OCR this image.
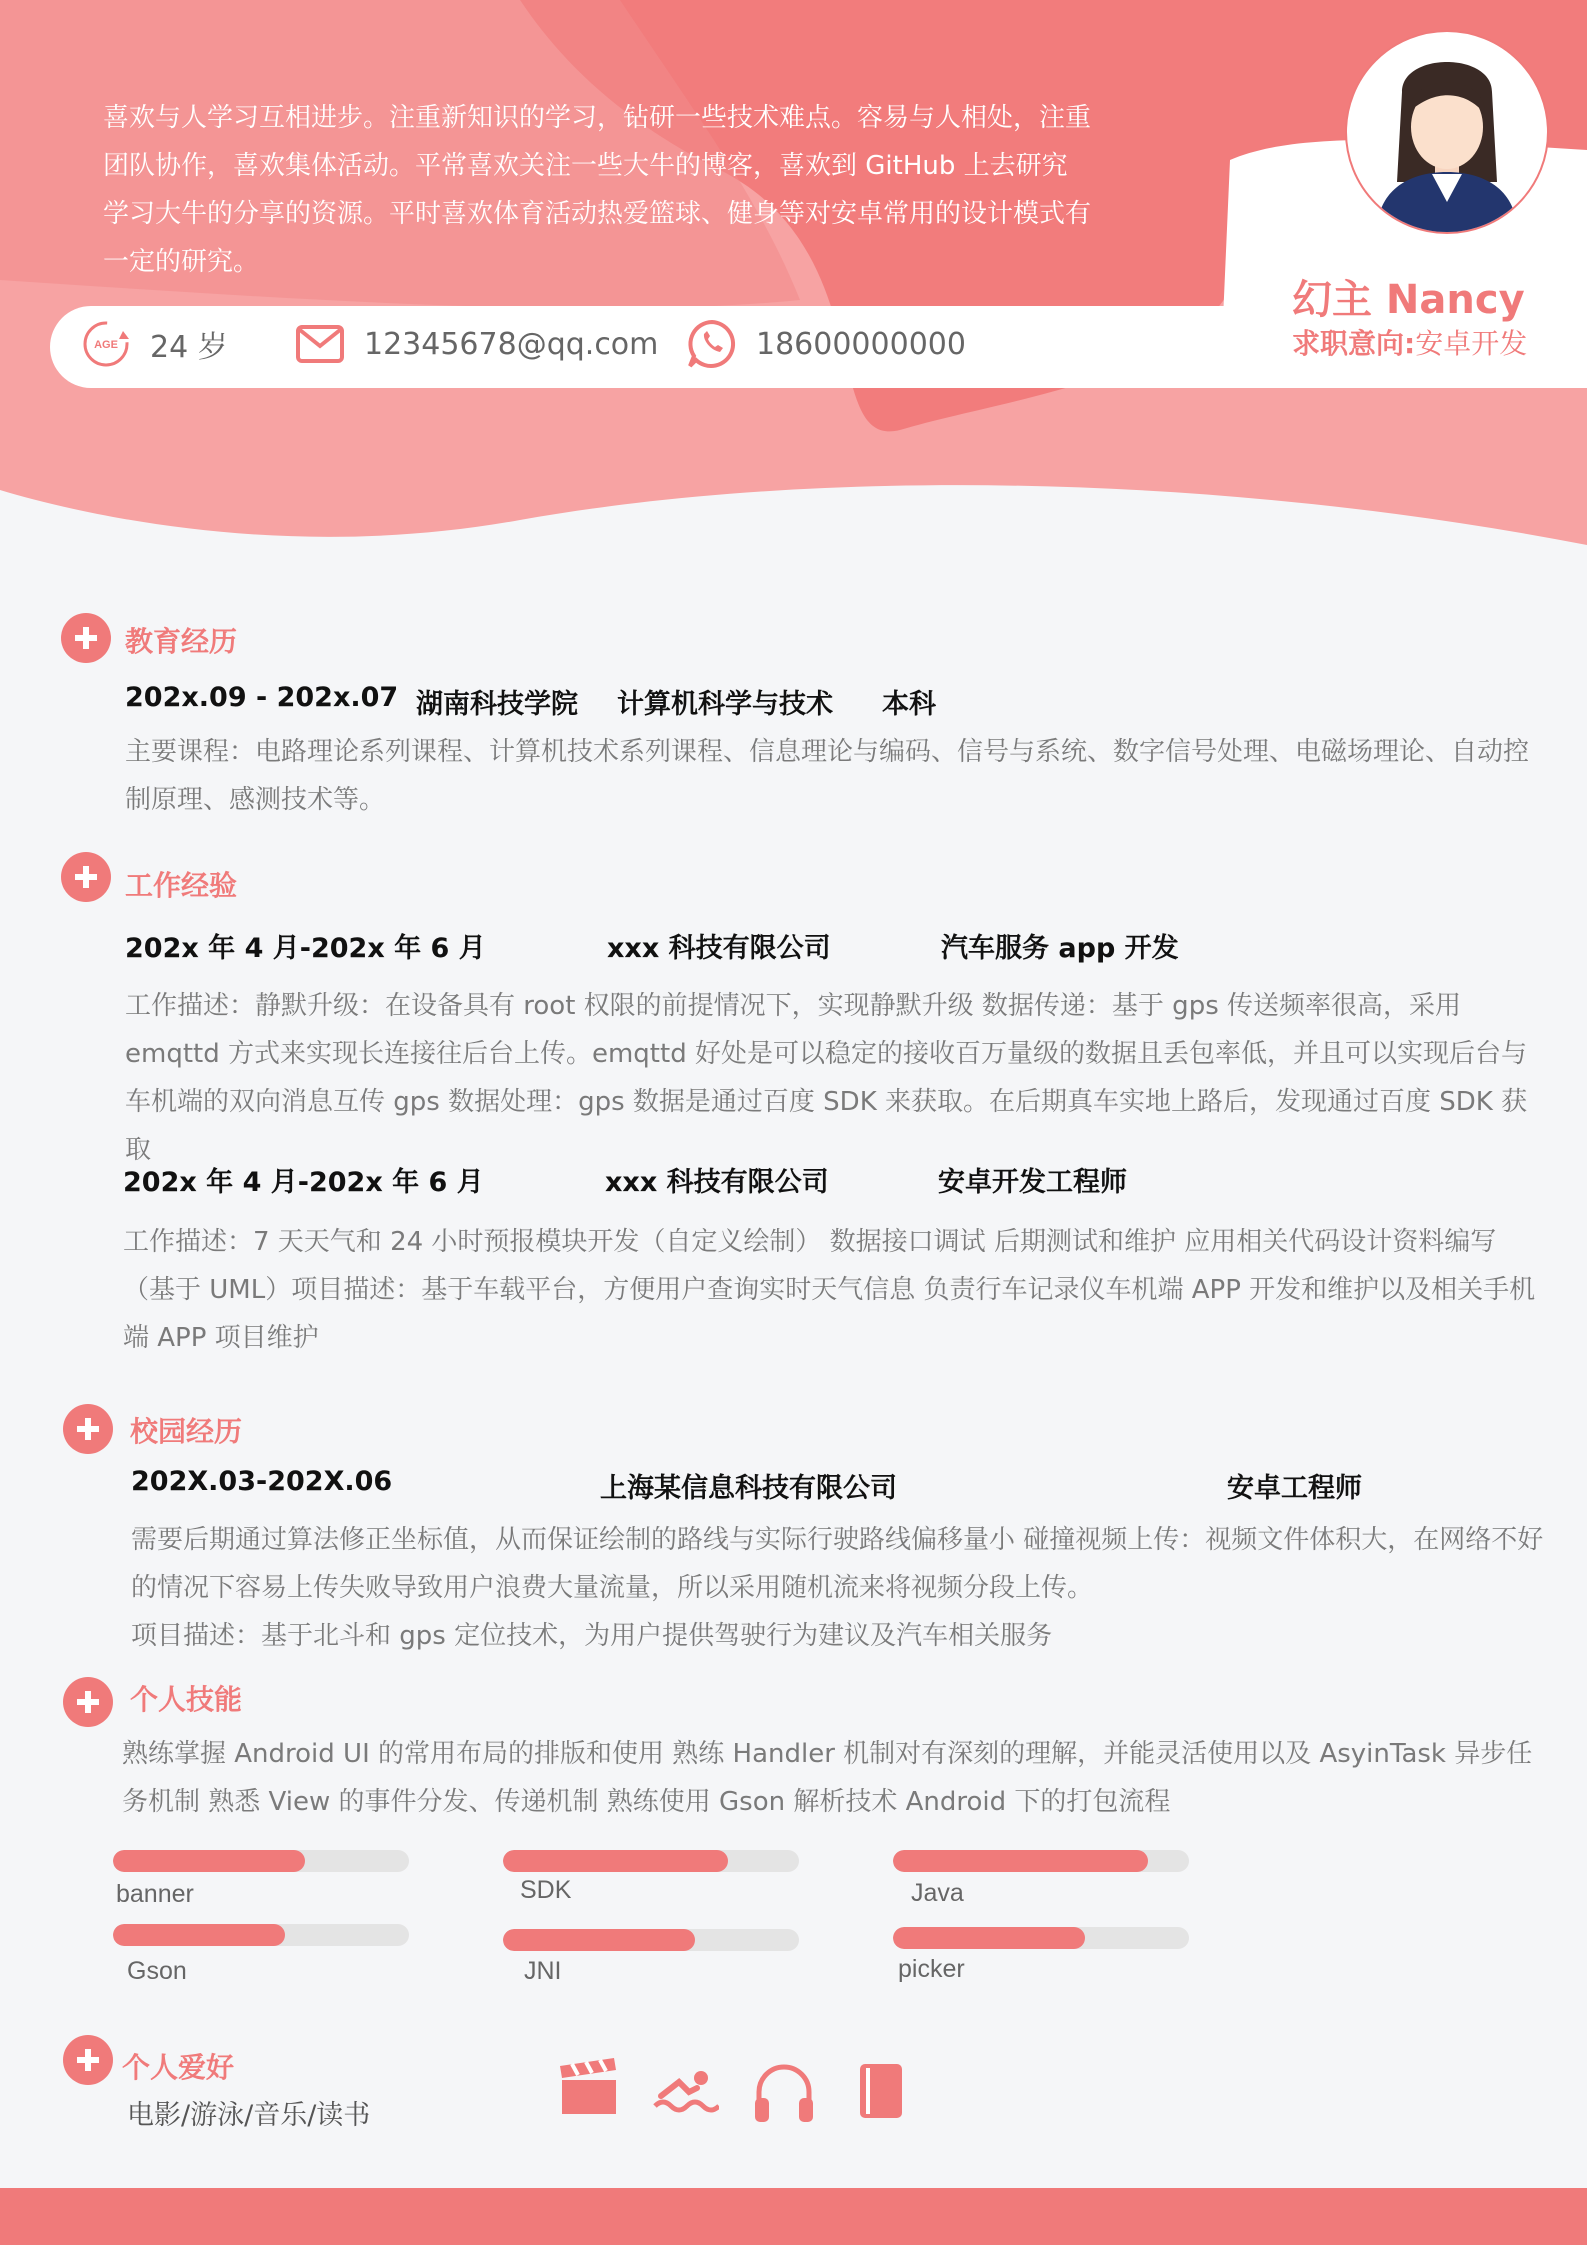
喜欢与人学习互相进步。注重新知识的学习，钻研一些技术难点。容易与人相处，注重团队协作，喜欢集体活动。平常喜欢关注一些大牛的博客，喜欢到 GitHub 上去研究学习大牛的分享的资源。平时喜欢体育活动热爱篮球、健身等对安卓常用的设计模式有一定的研究。
AGE 24 岁	12345678@qq.com	18600000000
幻主 Nancy
求职意向:安卓开发
教育经历
202x.09 - 202x.07 湖南科技学院 计算机科学与技术 本科
主要课程：电路理论系列课程、计算机技术系列课程、信息理论与编码、信号与系统、数字信号处理、电磁场理论、自动控制原理、感测技术等。
工作经验
202x 年 4 月-202x 年 6 月	xxx 科技有限公司	汽车服务 app 开发
工作描述：静默升级：在设备具有 root 权限的前提情况下，实现静默升级 数据传递：基于 gps 传送频率很高，采用 emqttd 方式来实现长连接往后台上传。emqttd 好处是可以稳定的接收百万量级的数据且丢包率低，并且可以实现后台与车机端的双向消息互传 gps 数据处理：gps 数据是通过百度 SDK 来获取。在后期真车实地上路后，发现通过百度 SDK 获取
202x 年 4 月-202x 年 6 月	xxx 科技有限公司	安卓开发工程师
工作描述：7 天天气和 24 小时预报模块开发（自定义绘制） 数据接口调试 后期测试和维护 应用相关代码设计资料编写（基于 UML）项目描述：基于车载平台，方便用户查询实时天气信息 负责行车记录仪车机端 APP 开发和维护以及相关手机端 APP 项目维护
校园经历
202X.03-202X.06	上海某信息科技有限公司	安卓工程师
需要后期通过算法修正坐标值，从而保证绘制的路线与实际行驶路线偏移量小 碰撞视频上传：视频文件体积大，在网络不好的情况下容易上传失败导致用户浪费大量流量，所以采用随机流来将视频分段上传。
项目描述：基于北斗和 gps 定位技术，为用户提供驾驶行为建议及汽车相关服务
个人技能
熟练掌握 Android UI 的常用布局的排版和使用 熟练 Handler 机制对有深刻的理解，并能灵活使用以及 AsyinTask 异步任务机制 熟悉 View 的事件分发、传递机制 熟练使用 Gson 解析技术 Android 下的打包流程
banner	SDK	Java
Gson	JNI	picker
个人爱好
电影/游泳/音乐/读书
